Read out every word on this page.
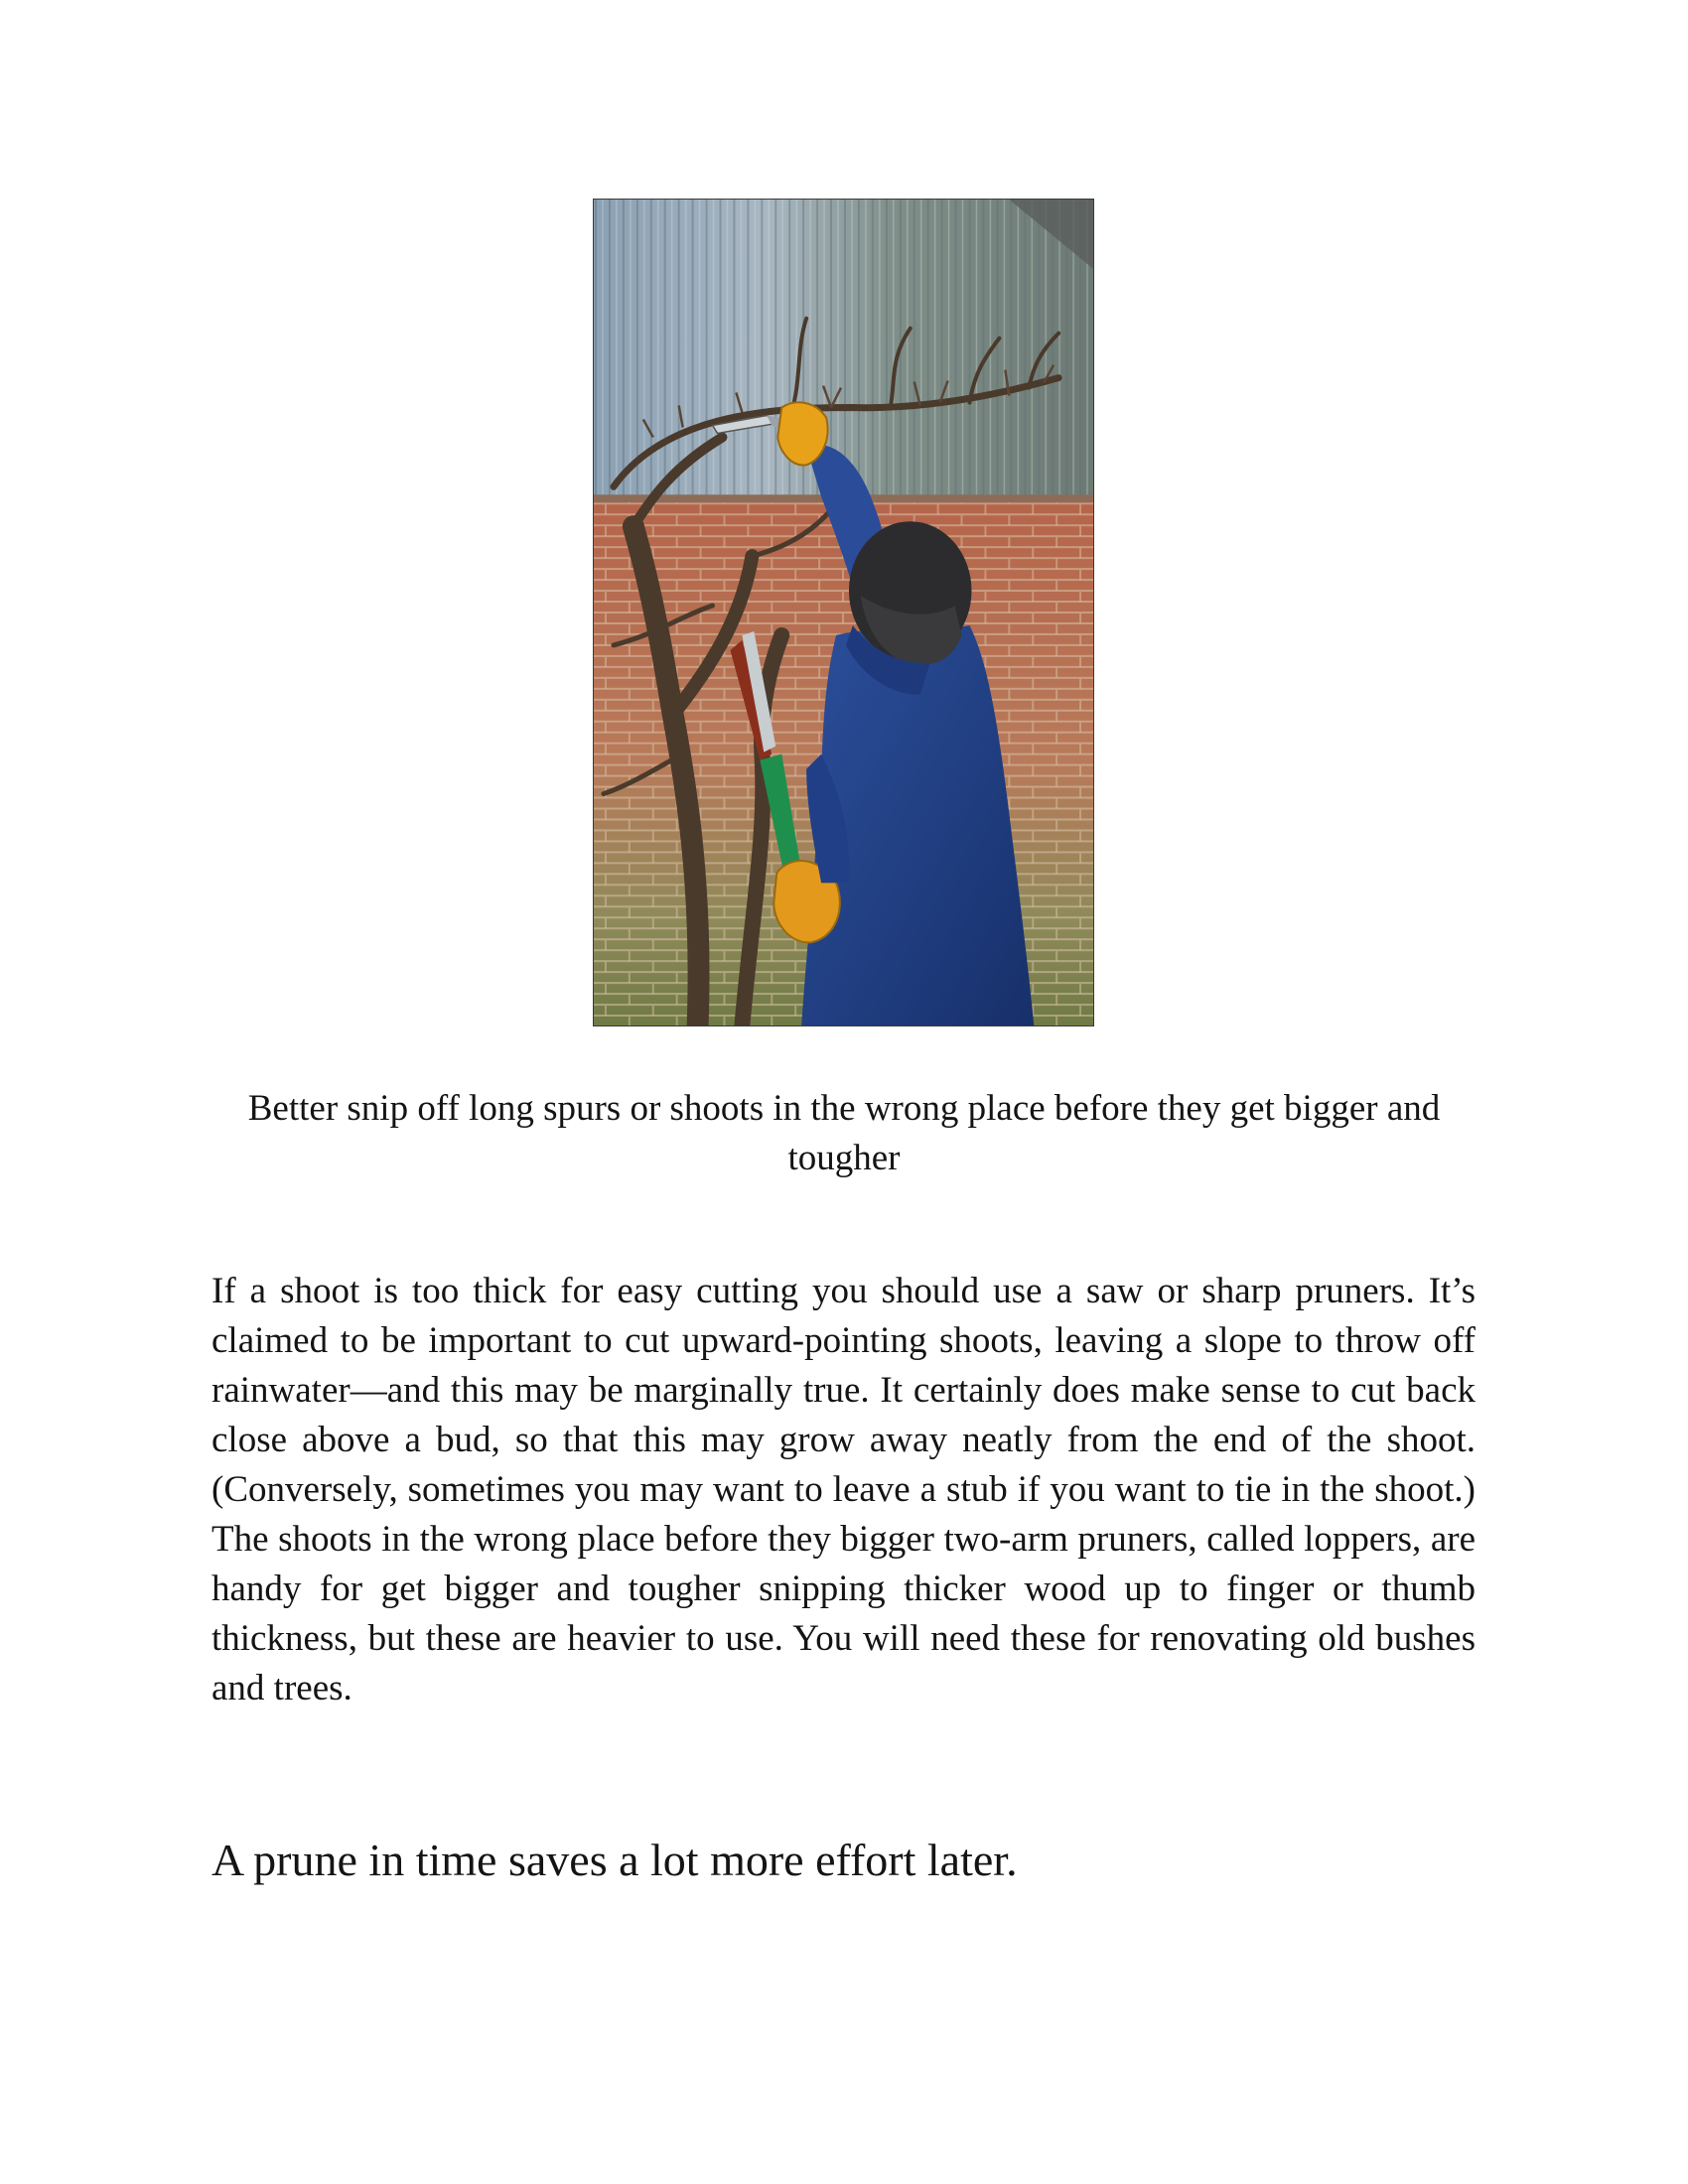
Better snip off long spurs or shoots in the wrong place before they get bigger and tougher
If a shoot is too thick for easy cutting you should use a saw or sharp pruners. It’s claimed to be important to cut upward-pointing shoots, leaving a slope to throw off rainwater—and this may be marginally true. It certainly does make sense to cut back close above a bud, so that this may grow away neatly from the end of the shoot. (Conversely, sometimes you may want to leave a stub if you want to tie in the shoot.) The shoots in the wrong place before they bigger two-arm pruners, called loppers, are handy for get bigger and tougher snipping thicker wood up to finger or thumb thickness, but these are heavier to use. You will need these for renovating old bushes and trees.
A prune in time saves a lot more effort later.
